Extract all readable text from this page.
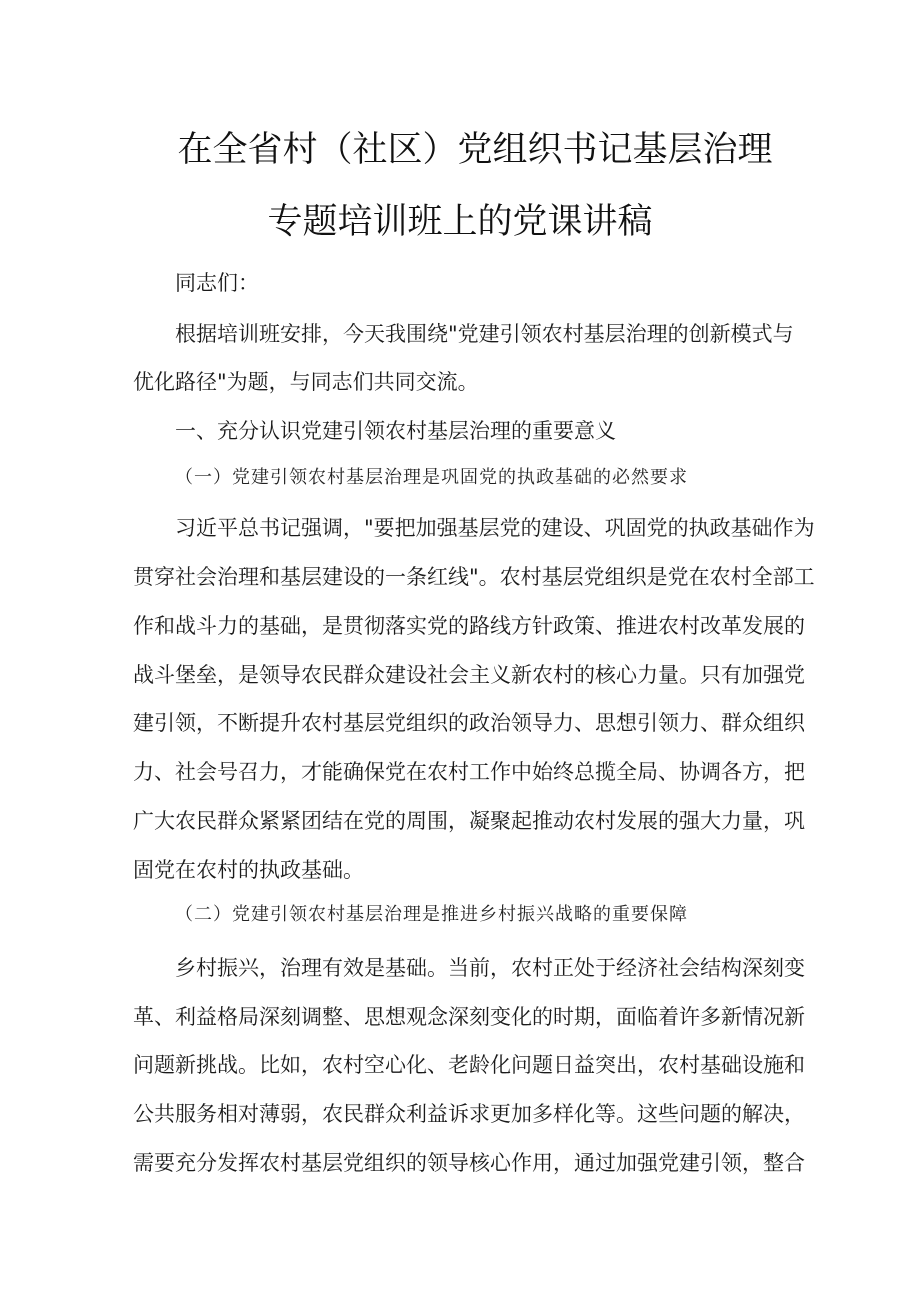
在全省村（社区）党组织书记基层治理
专题培训班上的党课讲稿
同志们：
根据培训班安排，今天我围绕"党建引领农村基层治理的创新模式与
优化路径"为题，与同志们共同交流。
一、充分认识党建引领农村基层治理的重要意义
（一）党建引领农村基层治理是巩固党的执政基础的必然要求
习近平总书记强调，"要把加强基层党的建设、巩固党的执政基础作为
贯穿社会治理和基层建设的一条红线"。农村基层党组织是党在农村全部工
作和战斗力的基础，是贯彻落实党的路线方针政策、推进农村改革发展的
战斗堡垒，是领导农民群众建设社会主义新农村的核心力量。只有加强党
建引领，不断提升农村基层党组织的政治领导力、思想引领力、群众组织
力、社会号召力，才能确保党在农村工作中始终总揽全局、协调各方，把
广大农民群众紧紧团结在党的周围，凝聚起推动农村发展的强大力量，巩
固党在农村的执政基础。
（二）党建引领农村基层治理是推进乡村振兴战略的重要保障
乡村振兴，治理有效是基础。当前，农村正处于经济社会结构深刻变
革、利益格局深刻调整、思想观念深刻变化的时期，面临着许多新情况新
问题新挑战。比如，农村空心化、老龄化问题日益突出，农村基础设施和
公共服务相对薄弱，农民群众利益诉求更加多样化等。这些问题的解决，
需要充分发挥农村基层党组织的领导核心作用，通过加强党建引领，整合
